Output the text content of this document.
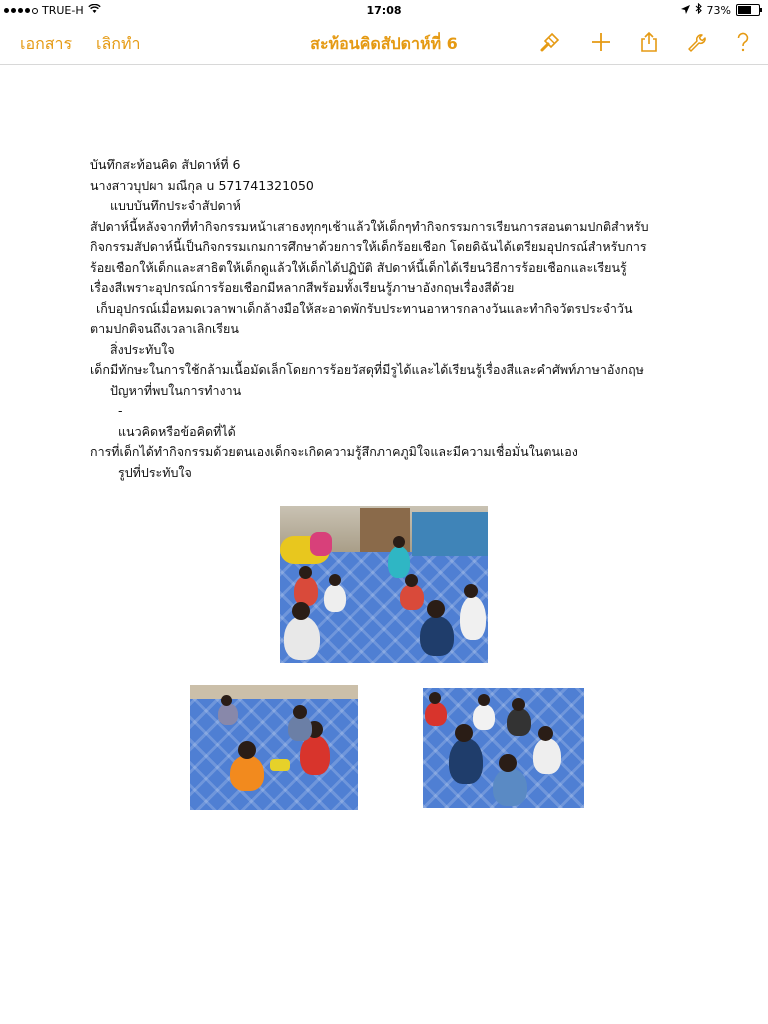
TRUE-H	17:08	73%
เอกสาร เลิกทำ	สะท้อนคิดสัปดาห์ที่ 6

บันทึกสะท้อนคิด สัปดาห์ที่ 6

นางสาวบุปผา มณีกุล u 571741321050

แบบบันทึกประจำสัปดาห์

สัปดาห์นี้หลังจากที่ทำกิจกรรมหน้าเสาธงทุกๆเช้าแล้วให้เด็กๆทำกิจกรรมการเรียนการสอนตามปกติสำหรับ

กิจกรรมสัปดาห์นี้เป็นกิจกรรมเกมการศึกษาด้วยการให้เด็กร้อยเชือก โดยดิฉันได้เตรียมอุปกรณ์สำหรับการ

ร้อยเชือกให้เด็กและสาธิตให้เด็กดูแล้วให้เด็กได้ปฏิบัติ สัปดาห์นี้เด็กได้เรียนวิธีการร้อยเชือกและเรียนรู้

เรื่องสีเพราะอุปกรณ์การร้อยเชือกมีหลากสีพร้อมทั้งเรียนรู้ภาษาอังกฤษเรื่องสีด้วย

เก็บอุปกรณ์เมื่อหมดเวลาพาเด็กล้างมือให้สะอาดพักรับประทานอาหารกลางวันและทำกิจวัตรประจำวัน

ตามปกติจนถึงเวลาเลิกเรียน

สิ่งประทับใจ

เด็กมีทักษะในการใช้กล้ามเนื้อมัดเล็กโดยการร้อยวัสดุที่มีรูได้และได้เรียนรู้เรื่องสีและคำศัพท์ภาษาอังกฤษ

ปัญหาที่พบในการทำงาน

-

แนวคิดหรือข้อคิดที่ได้

การที่เด็กได้ทำกิจกรรมด้วยตนเองเด็กจะเกิดความรู้สึกภาคภูมิใจและมีความเชื่อมั่นในตนเอง

รูปที่ประทับใจ
